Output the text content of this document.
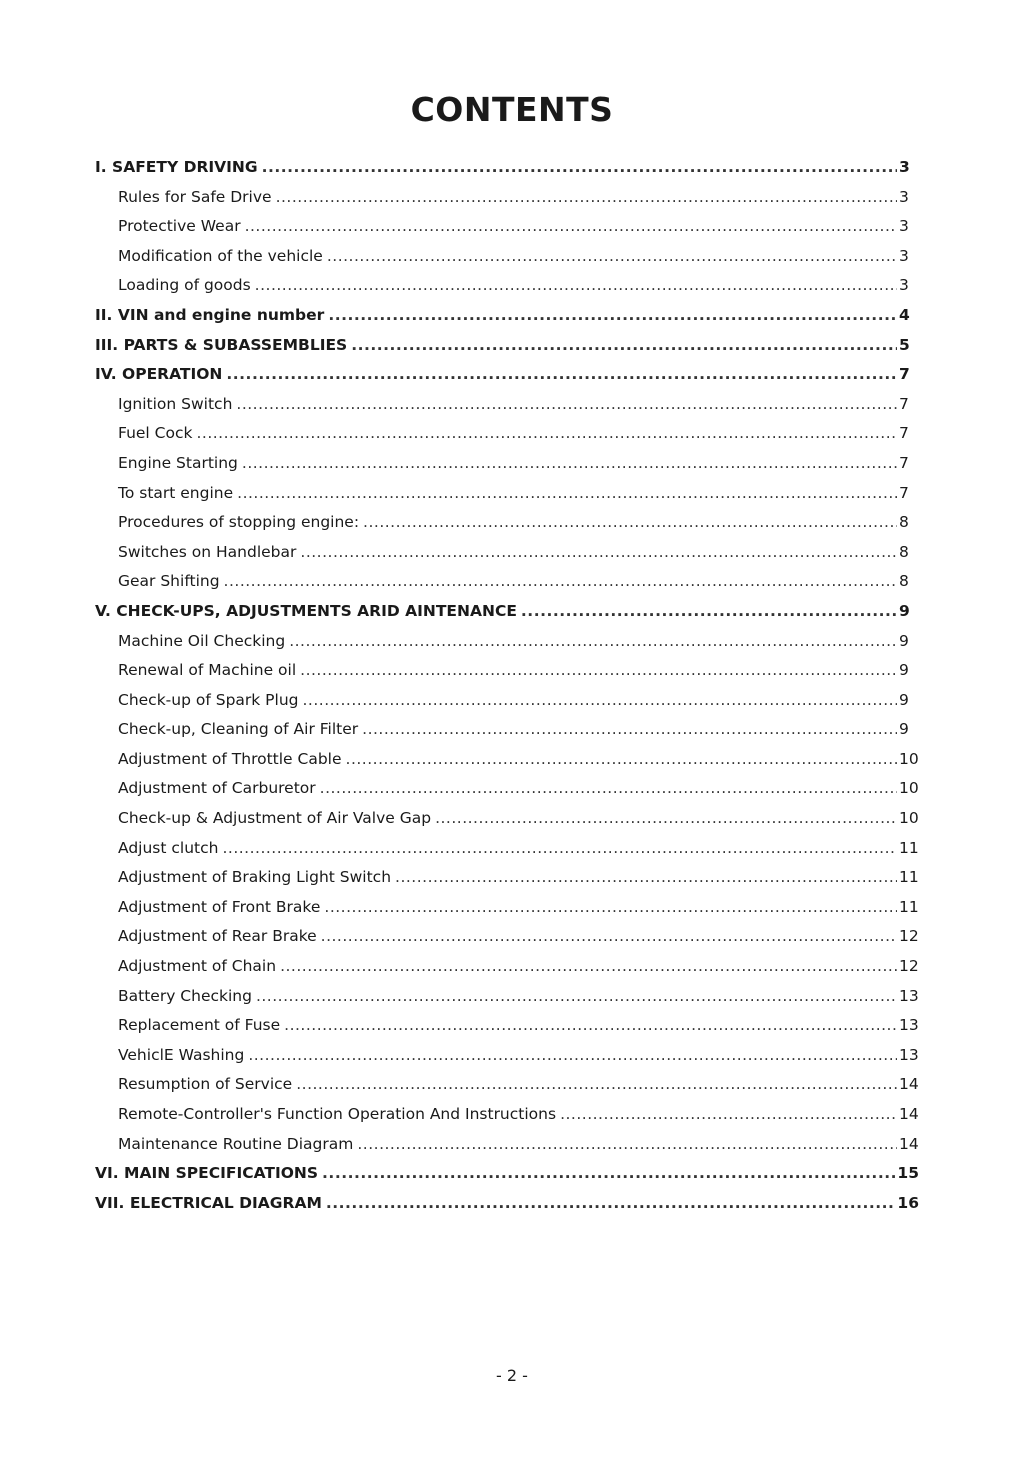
CONTENTS
I. SAFETY DRIVING .....	3
Rules for Safe Drive .....	3
Protective Wear .....	3
Modification of the vehicle .....	3
Loading of goods .....	3
II. VIN and engine number .....	4
III. PARTS & SUBASSEMBLIES .....	5
IV. OPERATION .....	7
Ignition Switch .....	7
Fuel Cock .....	7
Engine Starting .....	7
To start engine .....	7
Procedures of stopping engine: .....	8
Switches on Handlebar .....	8
Gear Shifting .....	8
V. CHECK-UPS, ADJUSTMENTS ARID AINTENANCE .....	9
Machine Oil Checking .....	9
Renewal of Machine oil .....	9
Check-up of Spark Plug .....	9
Check-up, Cleaning of Air Filter .....	9
Adjustment of Throttle Cable .....	10
Adjustment of Carburetor .....	10
Check-up & Adjustment of Air Valve Gap .....	10
Adjust clutch .....	11
Adjustment of Braking Light Switch .....	11
Adjustment of Front Brake .....	11
Adjustment of Rear Brake .....	12
Adjustment of Chain .....	12
Battery Checking .....	13
Replacement of Fuse .....	13
VehiclE Washing .....	13
Resumption of Service .....	14
Remote-Controller's Function Operation And Instructions .....	14
Maintenance Routine Diagram .....	14
VI. MAIN SPECIFICATIONS .....	15
VII. ELECTRICAL DIAGRAM .....	16
- 2 -
